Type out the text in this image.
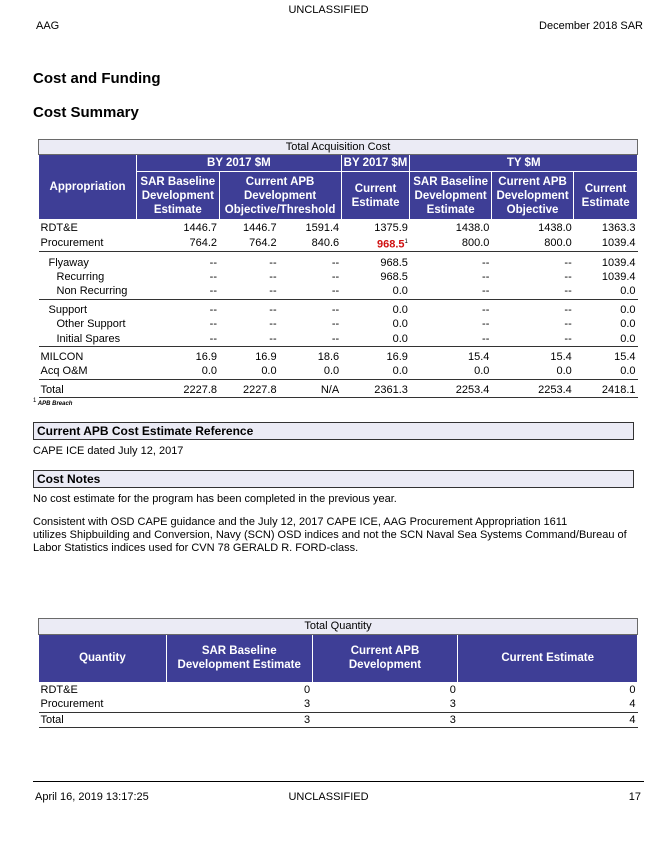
UNCLASSIFIED
AAG	December 2018 SAR
Cost and Funding
Cost Summary
Total Acquisition Cost							
Appropriation	BY 2017 $M			BY 2017 $M	TY $M		
	SAR Baseline Development Estimate	Current APB Development Objective/Threshold		Current Estimate	SAR Baseline Development Estimate	Current APB Development Objective	Current Estimate
RDT&E	1446.7	1446.7	1591.4	1375.9	1438.0	1438.0	1363.3
Procurement	764.2	764.2	840.6	968.5$^1$	800.0	800.0	1039.4

Flyaway	--	--	--	968.5	--	--	1039.4
Recurring	--	--	--	968.5	--	--	1039.4
Non Recurring	--	--	--	0.0	--	--	0.0

Support	--	--	--	0.0	--	--	0.0
Other Support	--	--	--	0.0	--	--	0.0
Initial Spares	--	--	--	0.0	--	--	0.0

MILCON	16.9	16.9	18.6	16.9	15.4	15.4	15.4
Acq O&M	0.0	0.0	0.0	0.0	0.0	0.0	0.0

Total	2227.8	2227.8	N/A	2361.3	2253.4	2253.4	2418.1
1 APB Breach
Current APB Cost Estimate Reference
CAPE ICE dated July 12, 2017
Cost Notes
No cost estimate for the program has been completed in the previous year.
Consistent with OSD CAPE guidance and the July 12, 2017 CAPE ICE, AAG Procurement Appropriation 1611
utilizes Shipbuilding and Conversion, Navy (SCN) OSD indices and not the SCN Naval Sea Systems Command/Bureau of
Labor Statistics indices used for CVN 78 GERALD R. FORD-class.
Total Quantity			
Quantity	SAR Baseline Development Estimate	Current APB Development	Current Estimate
RDT&E	0	0	0
Procurement	3	3	4
Total	3	3	4
April 16, 2019 13:17:25	UNCLASSIFIED	17
